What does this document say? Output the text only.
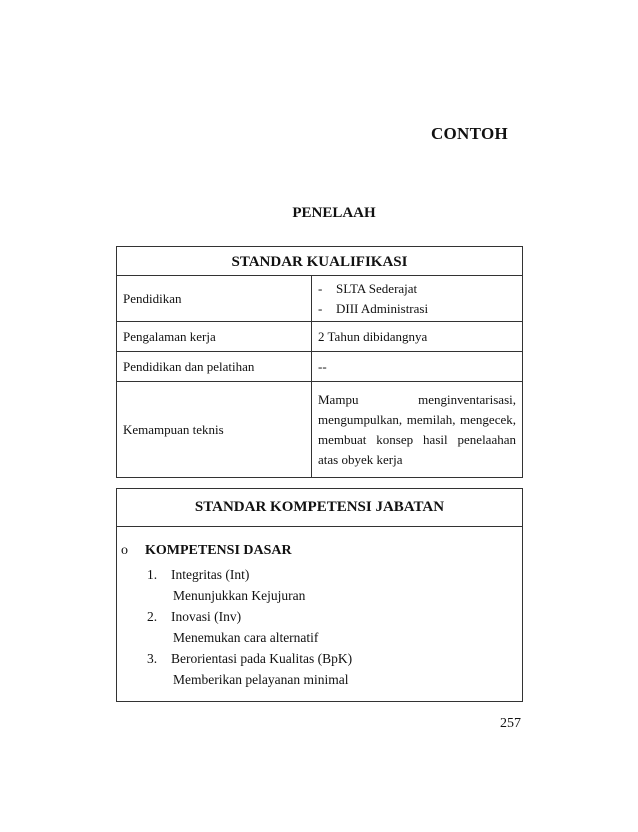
CONTOH
PENELAAH
STANDAR KUALIFIKASI	
Pendidikan	- SLTA Sederajat
- DIII Administrasi

Pengalaman kerja	2 Tahun dibidangnya
Pendidikan dan pelatihan	--
Kemampuan teknis	Mampu menginventarisasi, mengumpulkan, memilah, mengecek, membuat konsep hasil penelaahan atas obyek kerja
STANDAR KOMPETENSI JABATAN
o KOMPETENSI DASAR
1. Integritas (Int)
Menunjukkan Kejujuran
2. Inovasi (Inv)
Menemukan cara alternatif
3. Berorientasi pada Kualitas (BpK)
Memberikan pelayanan minimal
257
